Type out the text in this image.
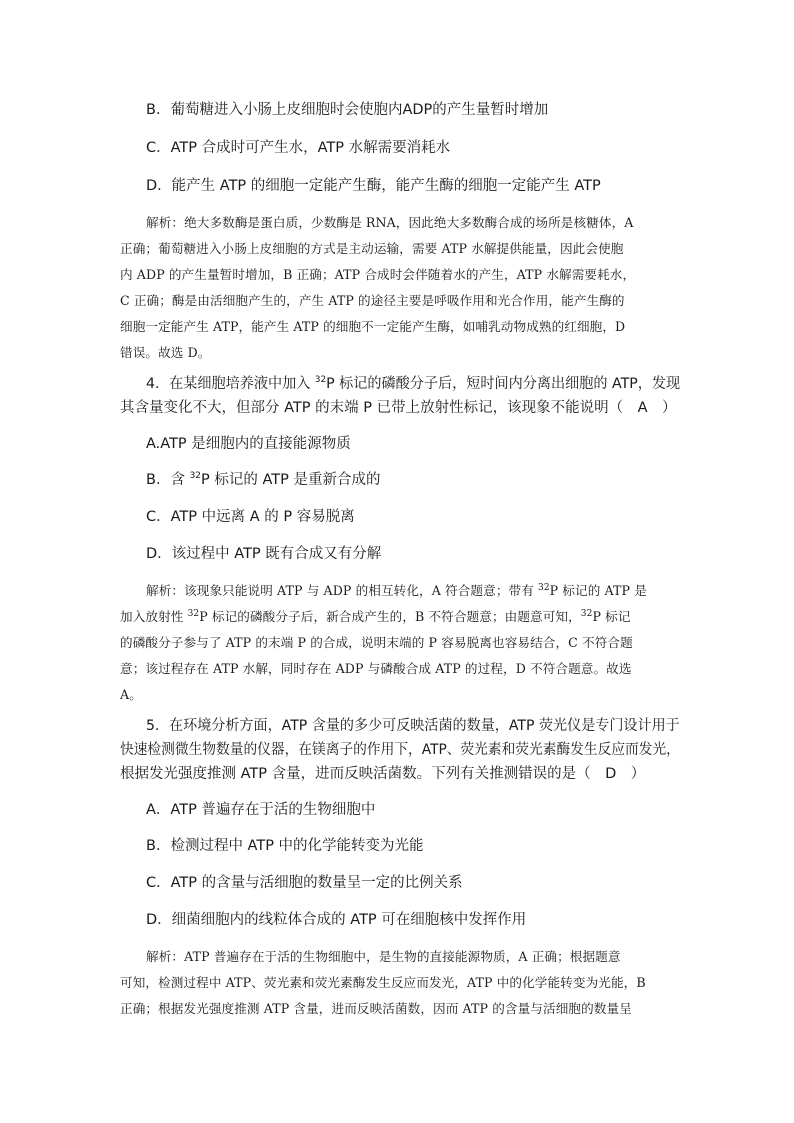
B．葡萄糖进入小肠上皮细胞时会使胞内ADP的产生量暂时增加
C．ATP 合成时可产生水，ATP 水解需要消耗水
D．能产生 ATP 的细胞一定能产生酶，能产生酶的细胞一定能产生 ATP
解析：绝大多数酶是蛋白质，少数酶是 RNA，因此绝大多数酶合成的场所是核糖体，A
正确；葡萄糖进入小肠上皮细胞的方式是主动运输，需要 ATP 水解提供能量，因此会使胞
内 ADP 的产生量暂时增加，B 正确；ATP 合成时会伴随着水的产生，ATP 水解需要耗水，
C 正确；酶是由活细胞产生的，产生 ATP 的途径主要是呼吸作用和光合作用，能产生酶的
细胞一定能产生 ATP，能产生 ATP 的细胞不一定能产生酶，如哺乳动物成熟的红细胞，D
错误。故选 D。
4．在某细胞培养液中加入 $^{32}$P 标记的磷酸分子后，短时间内分离出细胞的 ATP，发现
其含量变化不大，但部分 ATP 的末端 P 已带上放射性标记，该现象不能说明（　A　）
A.ATP 是细胞内的直接能源物质
B．含 $^{32}$P 标记的 ATP 是重新合成的
C．ATP 中远离 A 的 P 容易脱离
D．该过程中 ATP 既有合成又有分解
解析：该现象只能说明 ATP 与 ADP 的相互转化，A 符合题意；带有 $^{32}$P 标记的 ATP 是
加入放射性 $^{32}$P 标记的磷酸分子后，新合成产生的，B 不符合题意；由题意可知，$^{32}$P 标记
的磷酸分子参与了 ATP 的末端 P 的合成，说明末端的 P 容易脱离也容易结合，C 不符合题
意；该过程存在 ATP 水解，同时存在 ADP 与磷酸合成 ATP 的过程，D 不符合题意。故选
A。
5．在环境分析方面，ATP 含量的多少可反映活菌的数量，ATP 荧光仪是专门设计用于
快速检测微生物数量的仪器，在镁离子的作用下，ATP、荧光素和荧光素酶发生反应而发光，
根据发光强度推测 ATP 含量，进而反映活菌数。下列有关推测错误的是（　D　）
A．ATP 普遍存在于活的生物细胞中
B．检测过程中 ATP 中的化学能转变为光能
C．ATP 的含量与活细胞的数量呈一定的比例关系
D．细菌细胞内的线粒体合成的 ATP 可在细胞核中发挥作用
解析：ATP 普遍存在于活的生物细胞中，是生物的直接能源物质，A 正确；根据题意
可知，检测过程中 ATP、荧光素和荧光素酶发生反应而发光，ATP 中的化学能转变为光能，B
正确；根据发光强度推测 ATP 含量，进而反映活菌数，因而 ATP 的含量与活细胞的数量呈
